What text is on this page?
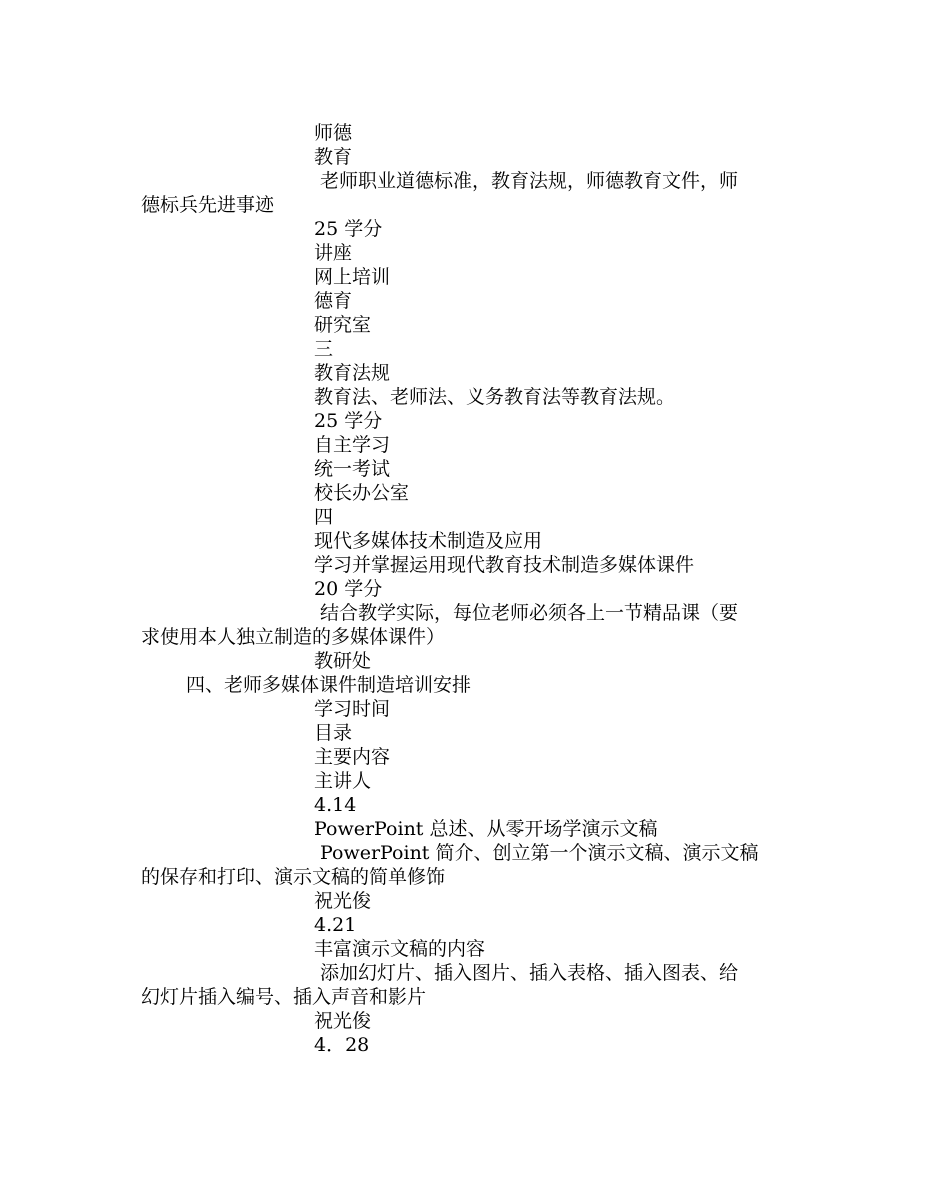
师德
教育
老师职业道德标准，教育法规，师德教育文件，师
德标兵先进事迹
25 学分
讲座
网上培训
德育
研究室
三
教育法规
教育法、老师法、义务教育法等教育法规。
25 学分
自主学习
统一考试
校长办公室
四
现代多媒体技术制造及应用
学习并掌握运用现代教育技术制造多媒体课件
20 学分
结合教学实际，每位老师必须各上一节精品课（要
求使用本人独立制造的多媒体课件）
教研处
四、老师多媒体课件制造培训安排
学习时间
目录
主要内容
主讲人
4.14
PowerPoint 总述、从零开场学演示文稿
PowerPoint 简介、创立第一个演示文稿、演示文稿
的保存和打印、演示文稿的简单修饰
祝光俊
4.21
丰富演示文稿的内容
添加幻灯片、插入图片、插入表格、插入图表、给
幻灯片插入编号、插入声音和影片
祝光俊
4．28
